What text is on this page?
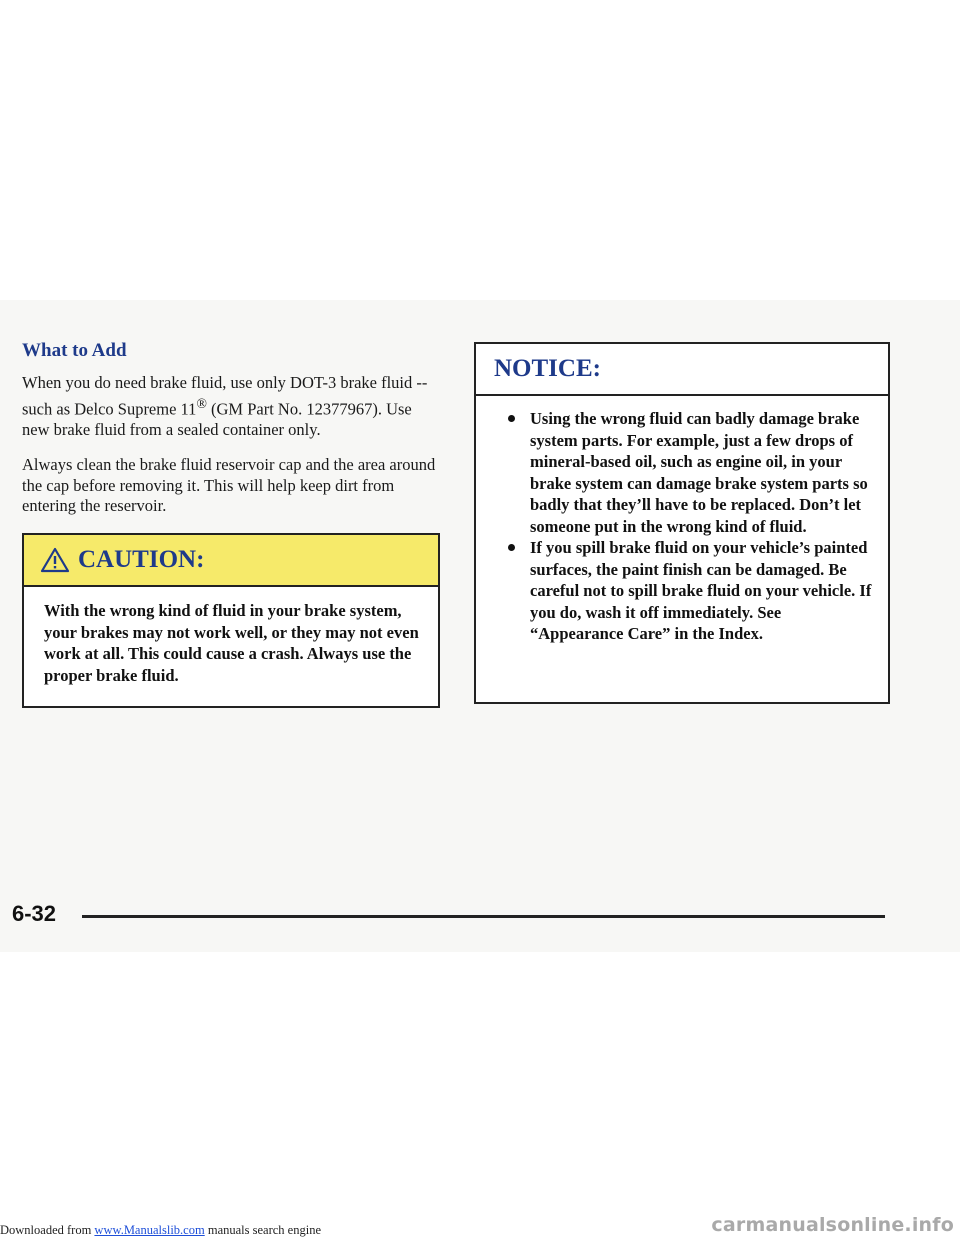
What to Add

When you do need brake fluid, use only DOT-3 brake fluid -- such as Delco Supreme 11® (GM Part No. 12377967). Use new brake fluid from a sealed container only.

Always clean the brake fluid reservoir cap and the area around the cap before removing it. This will help keep dirt from entering the reservoir.

CAUTION:
With the wrong kind of fluid in your brake system, your brakes may not work well, or they may not even work at all. This could cause a crash. Always use the proper brake fluid.
NOTICE:
Using the wrong fluid can badly damage brake system parts. For example, just a few drops of mineral-based oil, such as engine oil, in your brake system can damage brake system parts so badly that they’ll have to be replaced. Don’t let someone put in the wrong kind of fluid.
If you spill brake fluid on your vehicle’s painted surfaces, the paint finish can be damaged. Be careful not to spill brake fluid on your vehicle. If you do, wash it off immediately. See “Appearance Care” in the Index.

6-32

Downloaded from www.Manualslib.com manuals search engine	carmanualsonline.info
